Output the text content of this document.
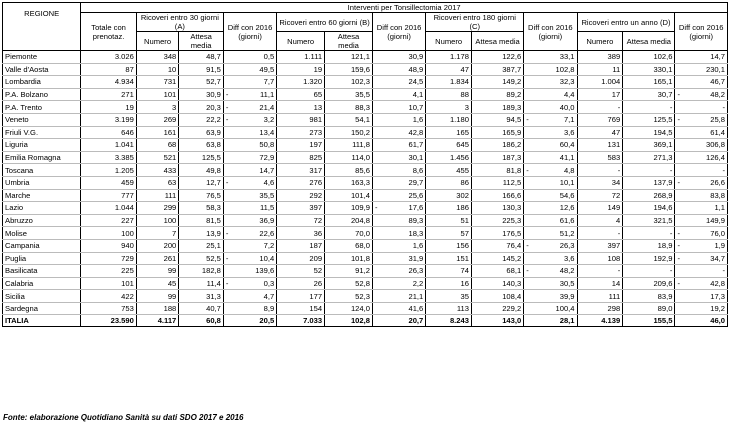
REGIONE	Interventi per Tonsillectomia 2017												
	Totale con prenotaz.	Ricoveri entro 30 giorni (A)		Diff con 2016 (giorni)	Ricoveri entro 60 giorni (B)		Diff con 2016 (giorni)	Ricoveri entro 180 giorni (C)		Diff con 2016 (giorni)	Ricoveri entro un anno (D)		Diff con 2016 (giorni)
		Numero	Attesa media		Numero	Attesa media		Numero	Attesa media		Numero	Attesa media	
Piemonte	3.026	348	48,7	0,5	1.111	121,1	30,9	1.178	122,6	33,1	389	102,6	14,7
Valle d'Aosta	87	10	91,5	49,5	19	159,6	48,9	47	387,7	102,8	11	330,1	230,1
Lombardia	4.934	731	52,7	7,7	1.320	102,3	24,5	1.834	149,2	32,3	1.004	165,1	46,7
P.A. Bolzano	271	101	30,9	- 11,1	65	35,5	4,1	88	89,2	4,4	17	30,7	- 48,2
P.A. Trento	19	3	20,3	- 21,4	13	88,3	10,7	3	189,3	40,0	-	-	-
Veneto	3.199	269	22,2	- 3,2	981	54,1	1,6	1.180	94,5	- 7,1	769	125,5	- 25,8
Friuli V.G.	646	161	63,9	13,4	273	150,2	42,8	165	165,9	3,6	47	194,5	61,4
Liguria	1.041	68	63,8	50,8	197	111,8	61,7	645	186,2	60,4	131	369,1	306,8
Emilia Romagna	3.385	521	125,5	72,9	825	114,0	30,1	1.456	187,3	41,1	583	271,3	126,4
Toscana	1.205	433	49,8	14,7	317	85,6	8,6	455	81,8	- 4,8	-	-	-
Umbria	459	63	12,7	- 4,6	276	163,3	29,7	86	112,5	10,1	34	137,9	- 26,6
Marche	777	111	76,5	35,5	292	101,4	25,6	302	166,6	54,6	72	268,9	83,8
Lazio	1.044	299	58,3	11,5	397	109,9	- 17,6	186	130,3	12,6	149	194,6	1,1
Abruzzo	227	100	81,5	36,9	72	204,8	89,3	51	225,3	61,6	4	321,5	149,9
Molise	100	7	13,9	- 22,6	36	70,0	18,3	57	176,5	51,2	-	-	- 76,0
Campania	940	200	25,1	7,2	187	68,0	1,6	156	76,4	- 26,3	397	18,9	- 1,9
Puglia	729	261	52,5	- 10,4	209	101,8	31,9	151	145,2	3,6	108	192,9	- 34,7
Basilicata	225	99	182,8	139,6	52	91,2	26,3	74	68,1	- 48,2	-	-	-
Calabria	101	45	11,4	- 0,3	26	52,8	2,2	16	140,3	30,5	14	209,6	- 42,8
Sicilia	422	99	31,3	4,7	177	52,3	21,1	35	108,4	39,9	111	83,9	17,3
Sardegna	753	188	40,7	8,9	154	124,0	41,6	113	229,2	100,4	298	89,0	19,2
ITALIA	23.590	4.117	60,8	20,5	7.033	102,8	20,7	8.243	143,0	28,1	4.139	155,5	46,0
Fonte: elaborazione Quotidiano Sanità su dati SDO 2017 e 2016
